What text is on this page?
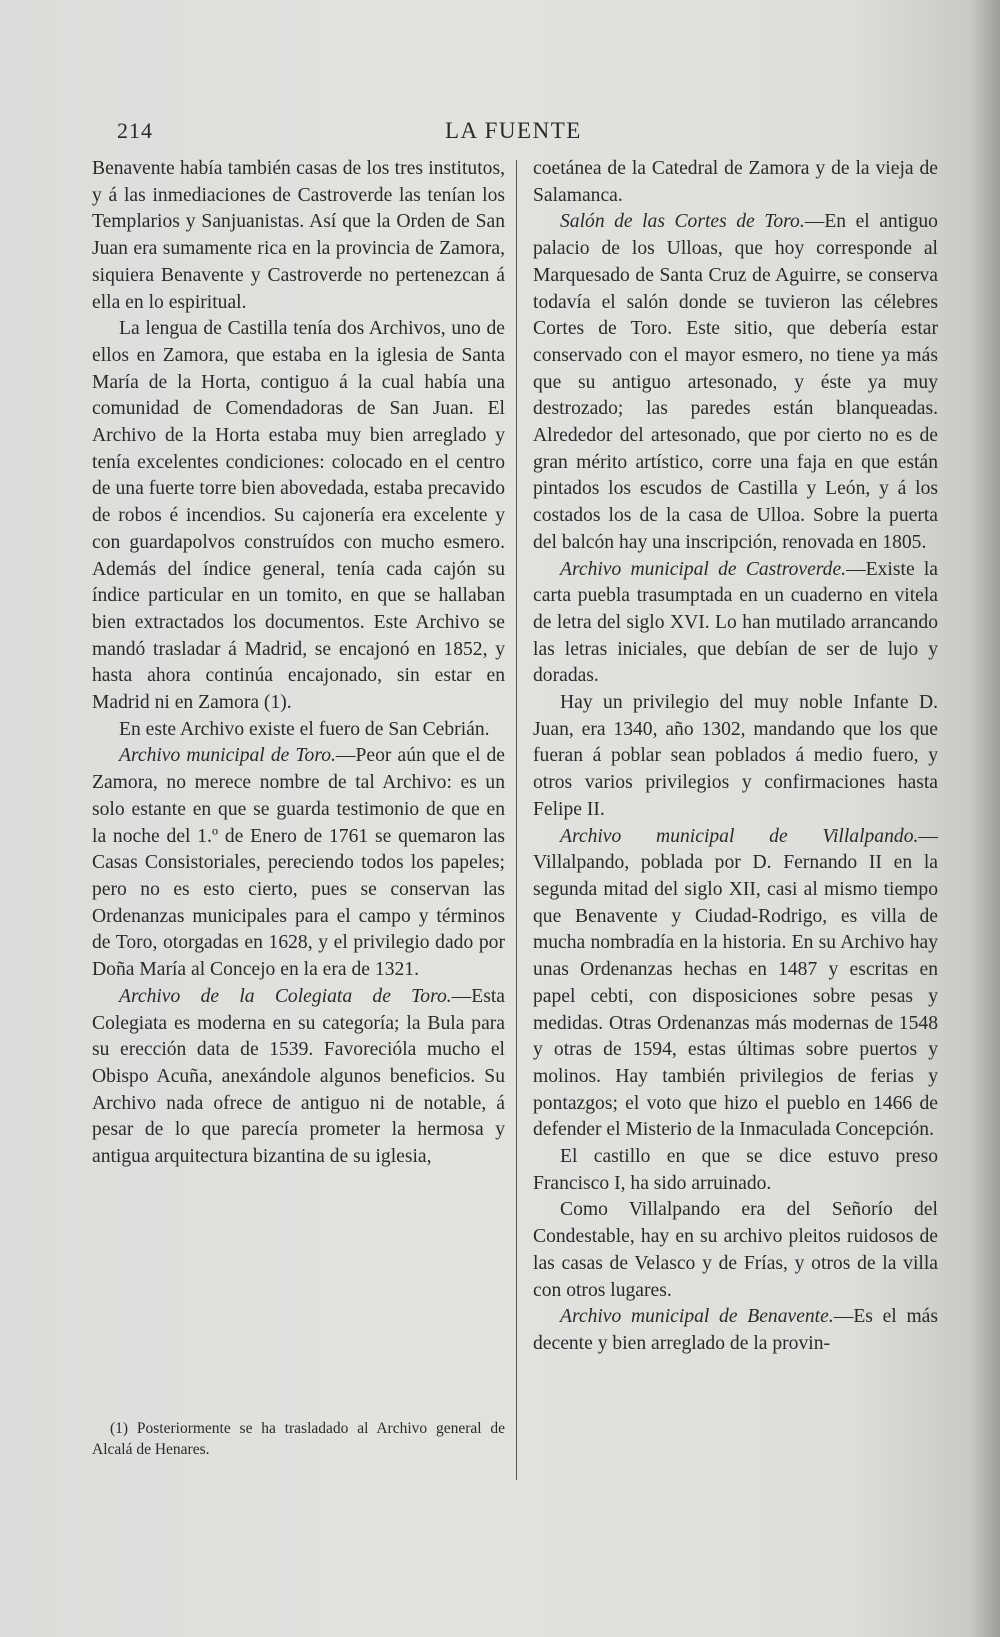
214	LA FUENTE

Benavente había también casas de los tres institutos, y á las inmediaciones de Castroverde las tenían los Templarios y Sanjuanistas. Así que la Orden de San Juan era sumamente rica en la provincia de Zamora, siquiera Benavente y Castroverde no pertenezcan á ella en lo espiritual.

La lengua de Castilla tenía dos Archivos, uno de ellos en Zamora, que estaba en la iglesia de Santa María de la Horta, contiguo á la cual había una comunidad de Comendadoras de San Juan. El Archivo de la Horta estaba muy bien arreglado y tenía excelentes condiciones: colocado en el centro de una fuerte torre bien abovedada, estaba precavido de robos é incendios. Su cajonería era excelente y con guardapolvos construídos con mucho esmero. Además del índice general, tenía cada cajón su índice particular en un tomito, en que se hallaban bien extractados los documentos. Este Archivo se mandó trasladar á Madrid, se encajonó en 1852, y hasta ahora continúa encajonado, sin estar en Madrid ni en Zamora (1).

En este Archivo existe el fuero de San Cebrián.

Archivo municipal de Toro.—Peor aún que el de Zamora, no merece nombre de tal Archivo: es un solo estante en que se guarda testimonio de que en la noche del 1.º de Enero de 1761 se quemaron las Casas Consistoriales, pereciendo todos los papeles; pero no es esto cierto, pues se conservan las Ordenanzas municipales para el campo y términos de Toro, otorgadas en 1628, y el privilegio dado por Doña María al Concejo en la era de 1321.

Archivo de la Colegiata de Toro.—Esta Colegiata es moderna en su categoría; la Bula para su erección data de 1539. Favorecióla mucho el Obispo Acuña, anexándole algunos beneficios. Su Archivo nada ofrece de antiguo ni de notable, á pesar de lo que parecía prometer la hermosa y antigua arquitectura bizantina de su iglesia,

coetánea de la Catedral de Zamora y de la vieja de Salamanca.

Salón de las Cortes de Toro.—En el antiguo palacio de los Ulloas, que hoy corresponde al Marquesado de Santa Cruz de Aguirre, se conserva todavía el salón donde se tuvieron las célebres Cortes de Toro. Este sitio, que debería estar conservado con el mayor esmero, no tiene ya más que su antiguo artesonado, y éste ya muy destrozado; las paredes están blanqueadas. Alrededor del artesonado, que por cierto no es de gran mérito artístico, corre una faja en que están pintados los escudos de Castilla y León, y á los costados los de la casa de Ulloa. Sobre la puerta del balcón hay una inscripción, renovada en 1805.

Archivo municipal de Castroverde.—Existe la carta puebla trasumptada en un cuaderno en vitela de letra del siglo XVI. Lo han mutilado arrancando las letras iniciales, que debían de ser de lujo y doradas.

Hay un privilegio del muy noble Infante D. Juan, era 1340, año 1302, mandando que los que fueran á poblar sean poblados á medio fuero, y otros varios privilegios y confirmaciones hasta Felipe II.

Archivo municipal de Villalpando.—Villalpando, poblada por D. Fernando II en la segunda mitad del siglo XII, casi al mismo tiempo que Benavente y Ciudad-Rodrigo, es villa de mucha nombradía en la historia. En su Archivo hay unas Ordenanzas hechas en 1487 y escritas en papel cebti, con disposiciones sobre pesas y medidas. Otras Ordenanzas más modernas de 1548 y otras de 1594, estas últimas sobre puertos y molinos. Hay también privilegios de ferias y pontazgos; el voto que hizo el pueblo en 1466 de defender el Misterio de la Inmaculada Concepción.

El castillo en que se dice estuvo preso Francisco I, ha sido arruinado.

Como Villalpando era del Señorío del Condestable, hay en su archivo pleitos ruidosos de las casas de Velasco y de Frías, y otros de la villa con otros lugares.

Archivo municipal de Benavente.—Es el más decente y bien arreglado de la provin-

(1) Posteriormente se ha trasladado al Archivo general de Alcalá de Henares.
